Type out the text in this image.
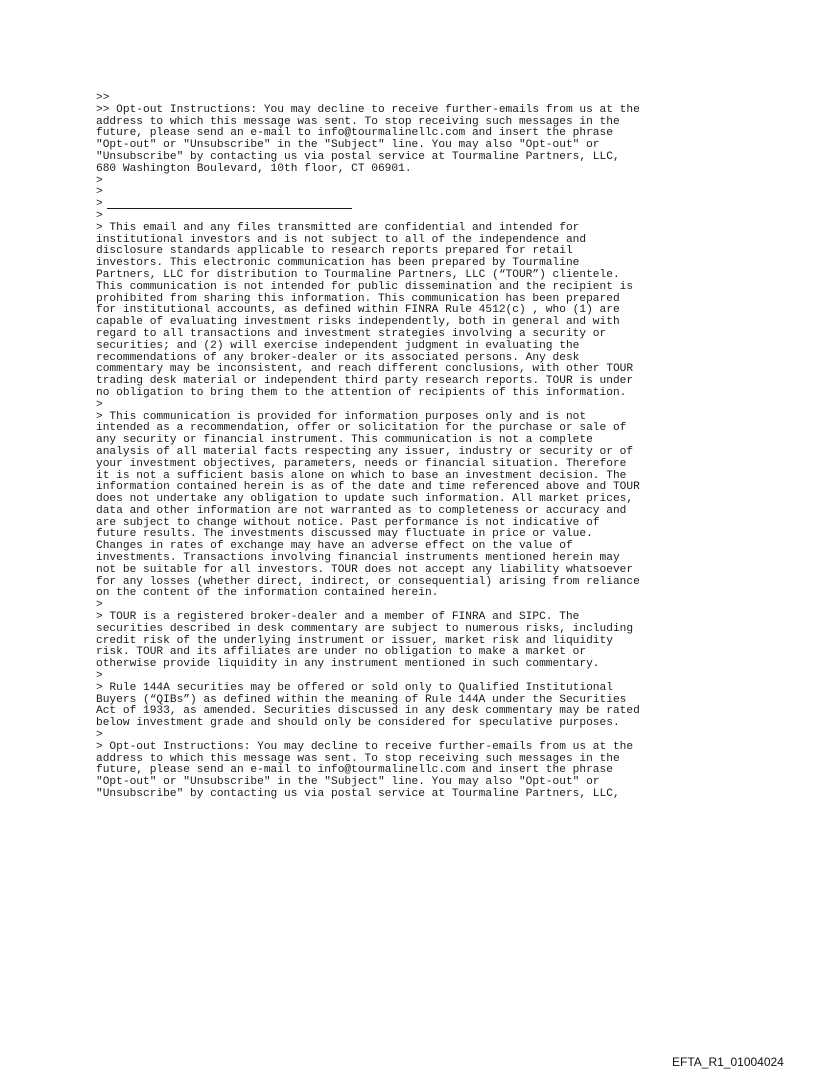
>>
>> Opt-out Instructions: You may decline to receive further-emails from us at the
address to which this message was sent. To stop receiving such messages in the
future, please send an e-mail to info@tourmalinellc.com and insert the phrase
"Opt-out" or "Unsubscribe" in the "Subject" line. You may also "Opt-out" or
"Unsubscribe" by contacting us via postal service at Tourmaline Partners, LLC,
680 Washington Boulevard, 10th floor, CT 06901.
>
>
>
>
> This email and any files transmitted are confidential and intended for
institutional investors and is not subject to all of the independence and
disclosure standards applicable to research reports prepared for retail
investors. This electronic communication has been prepared by Tourmaline
Partners, LLC for distribution to Tourmaline Partners, LLC (“TOUR”) clientele.
This communication is not intended for public dissemination and the recipient is
prohibited from sharing this information. This communication has been prepared
for institutional accounts, as defined within FINRA Rule 4512(c) , who (1) are
capable of evaluating investment risks independently, both in general and with
regard to all transactions and investment strategies involving a security or
securities; and (2) will exercise independent judgment in evaluating the
recommendations of any broker-dealer or its associated persons. Any desk
commentary may be inconsistent, and reach different conclusions, with other TOUR
trading desk material or independent third party research reports. TOUR is under
no obligation to bring them to the attention of recipients of this information.
>
> This communication is provided for information purposes only and is not
intended as a recommendation, offer or solicitation for the purchase or sale of
any security or financial instrument. This communication is not a complete
analysis of all material facts respecting any issuer, industry or security or of
your investment objectives, parameters, needs or financial situation. Therefore
it is not a sufficient basis alone on which to base an investment decision. The
information contained herein is as of the date and time referenced above and TOUR
does not undertake any obligation to update such information. All market prices,
data and other information are not warranted as to completeness or accuracy and
are subject to change without notice. Past performance is not indicative of
future results. The investments discussed may fluctuate in price or value.
Changes in rates of exchange may have an adverse effect on the value of
investments. Transactions involving financial instruments mentioned herein may
not be suitable for all investors. TOUR does not accept any liability whatsoever
for any losses (whether direct, indirect, or consequential) arising from reliance
on the content of the information contained herein.
>
> TOUR is a registered broker-dealer and a member of FINRA and SIPC. The
securities described in desk commentary are subject to numerous risks, including
credit risk of the underlying instrument or issuer, market risk and liquidity
risk. TOUR and its affiliates are under no obligation to make a market or
otherwise provide liquidity in any instrument mentioned in such commentary.
>
> Rule 144A securities may be offered or sold only to Qualified Institutional
Buyers (“QIBs”) as defined within the meaning of Rule 144A under the Securities
Act of 1933, as amended. Securities discussed in any desk commentary may be rated
below investment grade and should only be considered for speculative purposes.
>
> Opt-out Instructions: You may decline to receive further-emails from us at the
address to which this message was sent. To stop receiving such messages in the
future, please send an e-mail to info@tourmalinellc.com and insert the phrase
"Opt-out" or "Unsubscribe" in the "Subject" line. You may also "Opt-out" or
"Unsubscribe" by contacting us via postal service at Tourmaline Partners, LLC,

EFTA_R1_01004024
